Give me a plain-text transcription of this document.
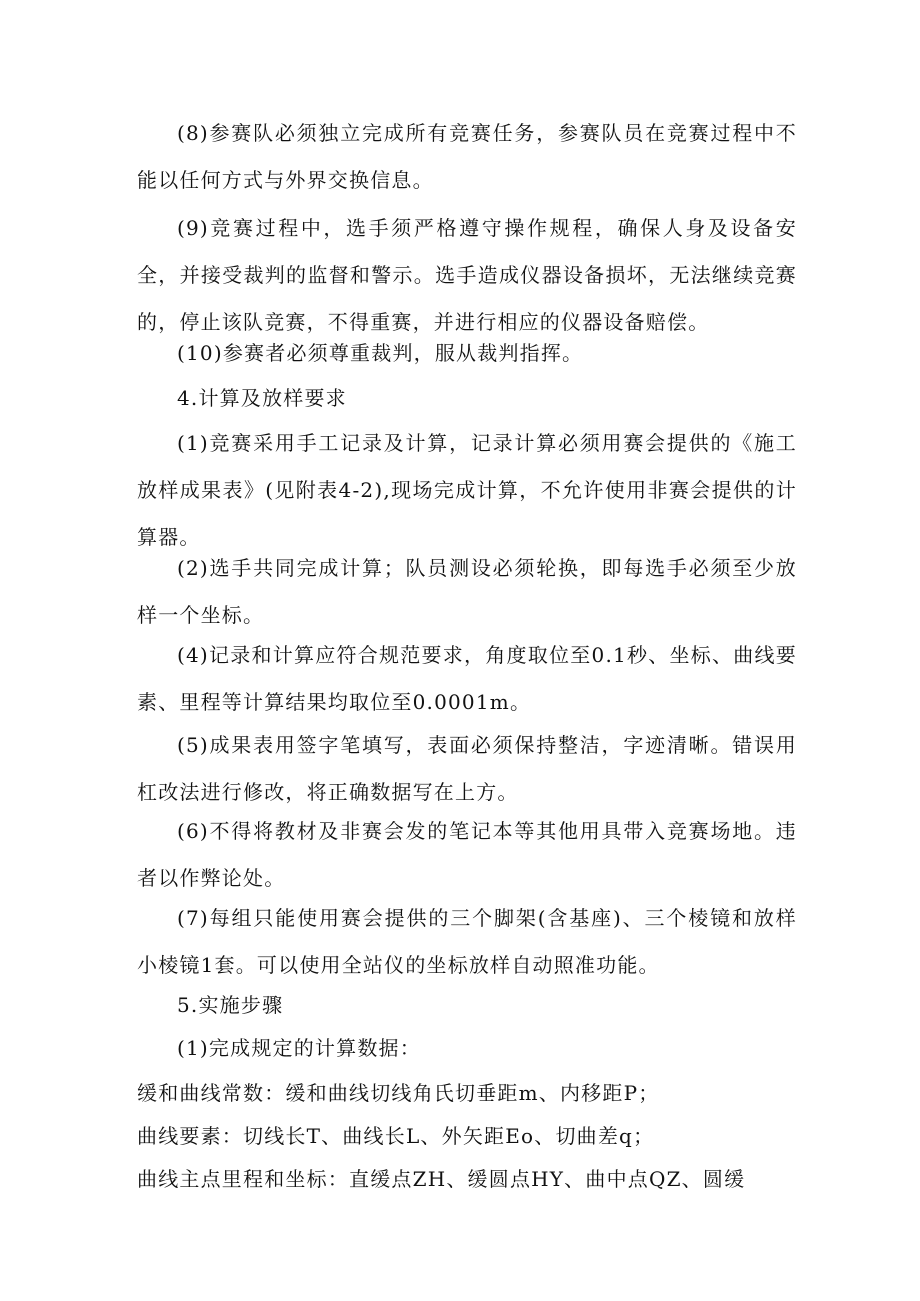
(8)参赛队必须独立完成所有竞赛任务，参赛队员在竞赛过程中不能以任何方式与外界交换信息。

(9)竞赛过程中，选手须严格遵守操作规程，确保人身及设备安全，并接受裁判的监督和警示。选手造成仪器设备损坏，无法继续竞赛的，停止该队竞赛，不得重赛，并进行相应的仪器设备赔偿。

(10)参赛者必须尊重裁判，服从裁判指挥。

4.计算及放样要求

(1)竞赛采用手工记录及计算，记录计算必须用赛会提供的《施工放样成果表》(见附表4-2),现场完成计算，不允许使用非赛会提供的计算器。

(2)选手共同完成计算；队员测设必须轮换，即每选手必须至少放样一个坐标。

(4)记录和计算应符合规范要求，角度取位至0.1秒、坐标、曲线要素、里程等计算结果均取位至0.0001m。

(5)成果表用签字笔填写，表面必须保持整洁，字迹清晰。错误用杠改法进行修改，将正确数据写在上方。

(6)不得将教材及非赛会发的笔记本等其他用具带入竞赛场地。违者以作弊论处。

(7)每组只能使用赛会提供的三个脚架(含基座)、三个棱镜和放样小棱镜1套。可以使用全站仪的坐标放样自动照准功能。

5.实施步骤

(1)完成规定的计算数据：

缓和曲线常数：缓和曲线切线角氏切垂距m、内移距P；

曲线要素：切线长T、曲线长L、外矢距Eo、切曲差q；

曲线主点里程和坐标：直缓点ZH、缓圆点HY、曲中点QZ、圆缓
